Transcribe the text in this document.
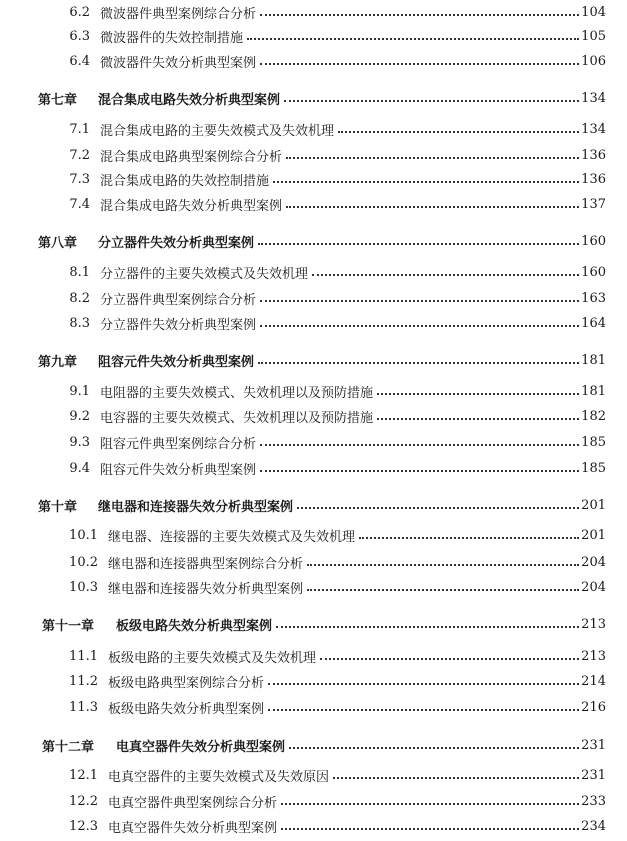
6.2 微波器件典型案例综合分析	104
6.3 微波器件的失效控制措施	105
6.4 微波器件失效分析典型案例	106
第七章	混合集成电路失效分析典型案例	134
7.1 混合集成电路的主要失效模式及失效机理	134
7.2 混合集成电路典型案例综合分析	136
7.3 混合集成电路的失效控制措施	136
7.4 混合集成电路失效分析典型案例	137
第八章	分立器件失效分析典型案例	160
8.1 分立器件的主要失效模式及失效机理	160
8.2 分立器件典型案例综合分析	163
8.3 分立器件失效分析典型案例	164
第九章	阻容元件失效分析典型案例	181
9.1 电阻器的主要失效模式、失效机理以及预防措施	181
9.2 电容器的主要失效模式、失效机理以及预防措施	182
9.3 阻容元件典型案例综合分析	185
9.4 阻容元件失效分析典型案例	185
第十章	继电器和连接器失效分析典型案例	201
10.1 继电器、连接器的主要失效模式及失效机理	201
10.2 继电器和连接器典型案例综合分析	204
10.3 继电器和连接器失效分析典型案例	204
第十一章	板级电路失效分析典型案例	213
11.1 板级电路的主要失效模式及失效机理	213
11.2 板级电路典型案例综合分析	214
11.3 板级电路失效分析典型案例	216
第十二章	电真空器件失效分析典型案例	231
12.1 电真空器件的主要失效模式及失效原因	231
12.2 电真空器件典型案例综合分析	233
12.3 电真空器件失效分析典型案例	234
